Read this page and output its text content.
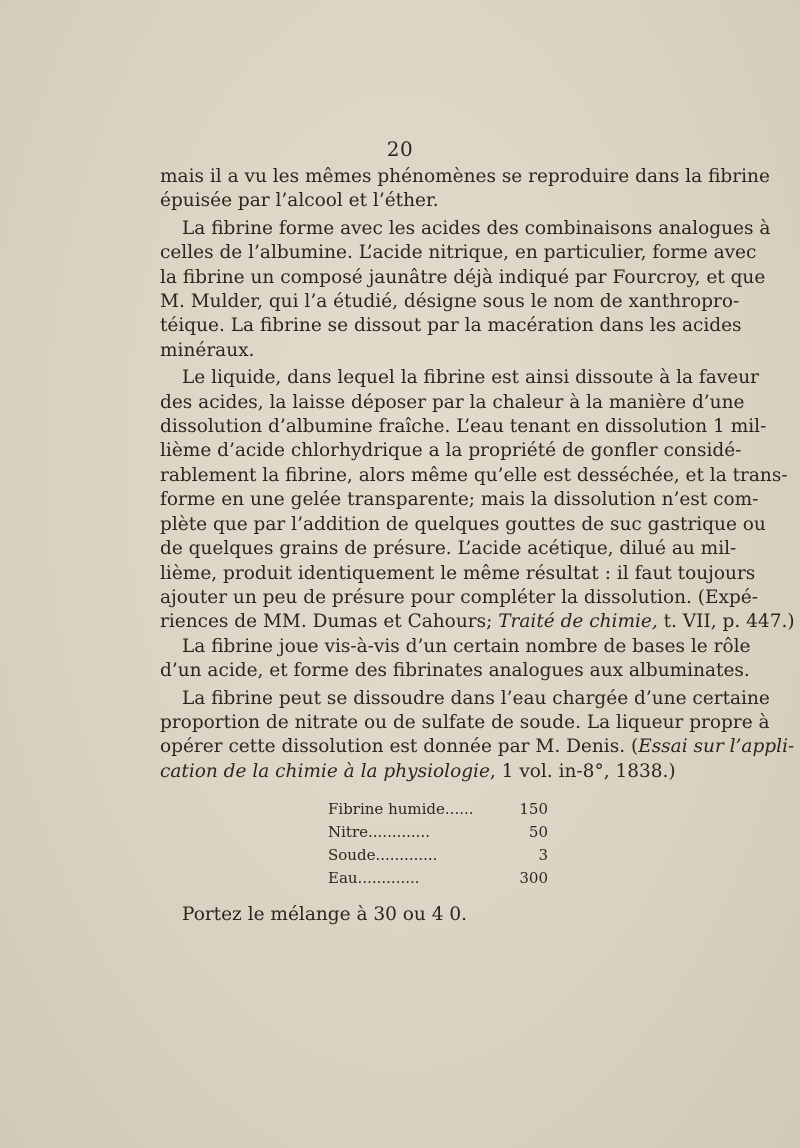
20
mais il a vu les mêmes phénomènes se reproduire dans la fibrine
épuisée par l’alcool et l’éther.
La fibrine forme avec les acides des combinaisons analogues à
celles de l’albumine. L’acide nitrique, en particulier, forme avec
la fibrine un composé jaunâtre déjà indiqué par Fourcroy, et que
M. Mulder, qui l’a étudié, désigne sous le nom de xanthropro-
téique. La fibrine se dissout par la macération dans les acides
minéraux.
Le liquide, dans lequel la fibrine est ainsi dissoute à la faveur
des acides, la laisse déposer par la chaleur à la manière d’une
dissolution d’albumine fraîche. L’eau tenant en dissolution 1 mil-
lième d’acide chlorhydrique a la propriété de gonfler considé-
rablement la fibrine, alors même qu’elle est desséchée, et la trans-
forme en une gelée transparente; mais la dissolution n’est com-
plète que par l’addition de quelques gouttes de suc gastrique ou
de quelques grains de présure. L’acide acétique, dilué au mil-
lième, produit identiquement le même résultat : il faut toujours
ajouter un peu de présure pour compléter la dissolution. (Expé-
riences de MM. Dumas et Cahours; Traité de chimie, t. VII, p. 447.)
La fibrine joue vis-à-vis d’un certain nombre de bases le rôle
d’un acide, et forme des fibrinates analogues aux albuminates.
La fibrine peut se dissoudre dans l’eau chargée d’une certaine
proportion de nitrate ou de sulfate de soude. La liqueur propre à
opérer cette dissolution est donnée par M. Denis. (Essai sur l’appli-
cation de la chimie à la physiologie, 1 vol. in-8°, 1838.)
Fibrine humide......	150
Nitre.............	50
Soude.............	3
Eau.............	300
Portez le mélange à 30 ou 4 0.
